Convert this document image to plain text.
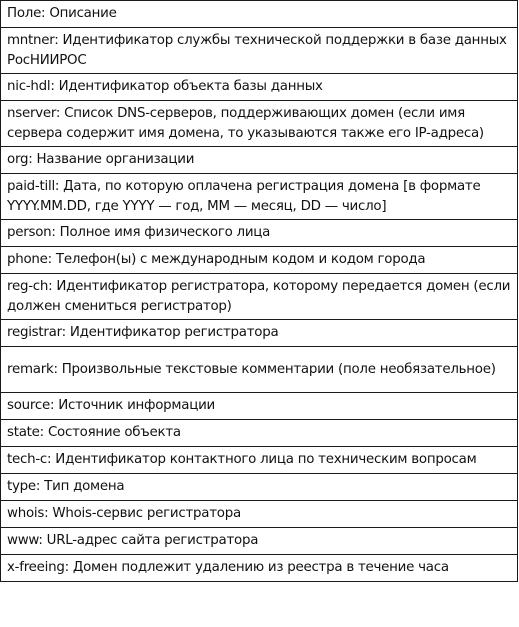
Поле: Описание
mntner: Идентификатор службы технической поддержки в базе данных РосНИИРОС
nic-hdl: Идентификатор объекта базы данных
nserver: Список DNS-серверов, поддерживающих домен (если имя сервера содержит имя домена, то указываются также его IP-адреса)
org: Название организации
paid-till: Дата, по которую оплачена регистрация домена [в формате YYYY.MM.DD, где YYYY — год, MM — месяц, DD — число]
person: Полное имя физического лица
phone: Телефон(ы) с международным кодом и кодом города
reg-ch: Идентификатор регистратора, которому передается домен (если должен смениться регистратор)
registrar: Идентификатор регистратора
remark: Произвольные текстовые комментарии (поле необязательное)
source: Источник информации
state: Состояние объекта
tech-c: Идентификатор контактного лица по техническим вопросам
type: Тип домена
whois: Whois-сервис регистратора
www: URL-адрес сайта регистратора
x-freeing: Домен подлежит удалению из реестра в течение часа
